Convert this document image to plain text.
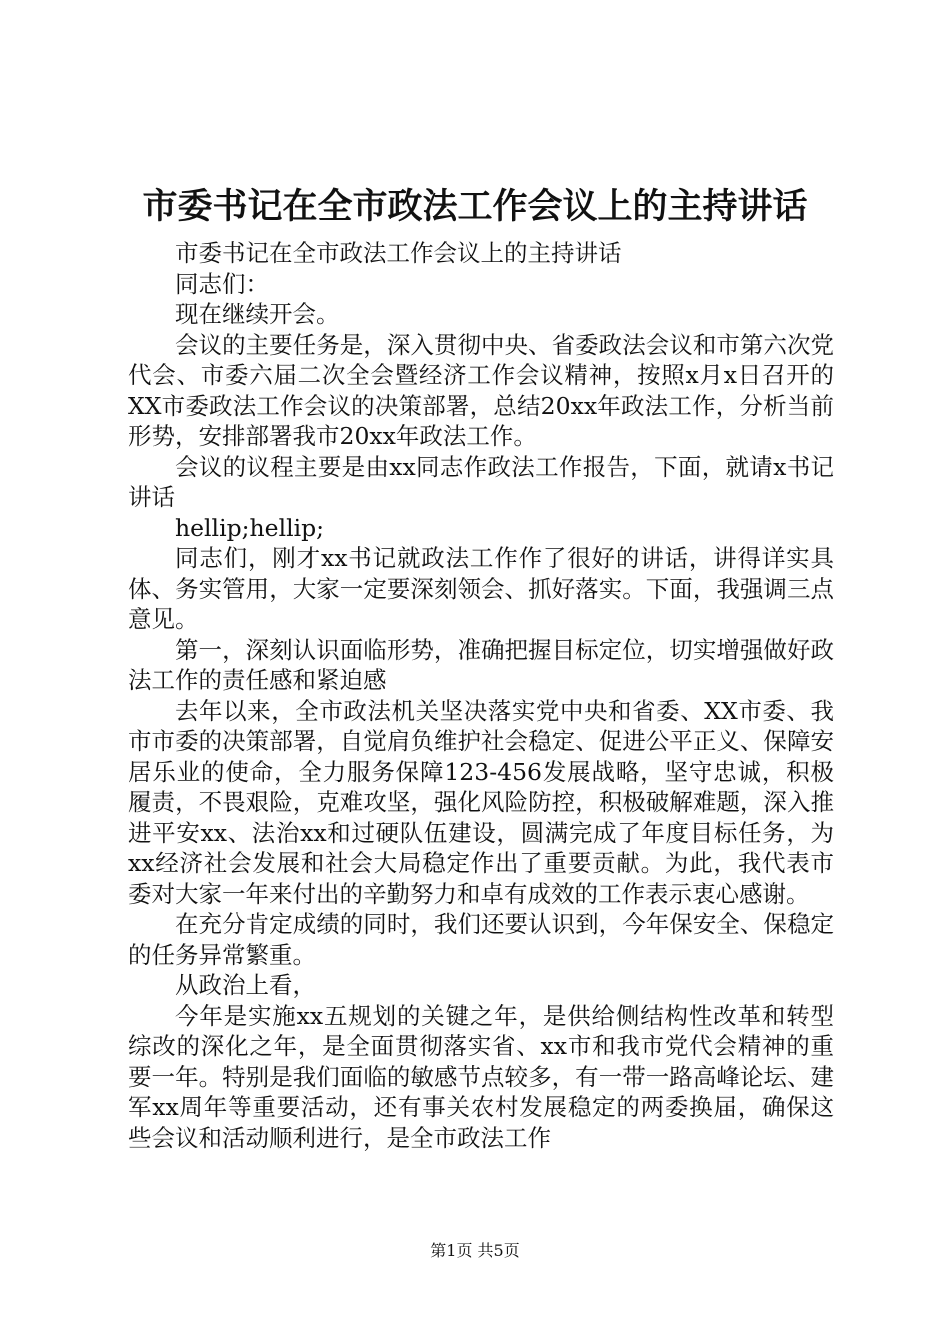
市委书记在全市政法工作会议上的主持讲话

市委书记在全市政法工作会议上的主持讲话

同志们：

现在继续开会。

会议的主要任务是，深入贯彻中央、省委政法会议和市第六次党代会、市委六届二次全会暨经济工作会议精神，按照x月x日召开的XX市委政法工作会议的决策部署，总结20xx年政法工作，分析当前形势，安排部署我市20xx年政法工作。

会议的议程主要是由xx同志作政法工作报告，下面，就请x书记讲话

hellip;hellip;

同志们，刚才xx书记就政法工作作了很好的讲话，讲得详实具体、务实管用，大家一定要深刻领会、抓好落实。下面，我强调三点意见。

第一，深刻认识面临形势，准确把握目标定位，切实增强做好政法工作的责任感和紧迫感

去年以来，全市政法机关坚决落实党中央和省委、XX市委、我市市委的决策部署，自觉肩负维护社会稳定、促进公平正义、保障安居乐业的使命，全力服务保障123-456发展战略，坚守忠诚，积极履责，不畏艰险，克难攻坚，强化风险防控，积极破解难题，深入推进平安xx、法治xx和过硬队伍建设，圆满完成了年度目标任务，为xx经济社会发展和社会大局稳定作出了重要贡献。为此，我代表市委对大家一年来付出的辛勤努力和卓有成效的工作表示衷心感谢。

在充分肯定成绩的同时，我们还要认识到，今年保安全、保稳定的任务异常繁重。

从政治上看，

今年是实施xx五规划的关键之年，是供给侧结构性改革和转型综改的深化之年，是全面贯彻落实省、xx市和我市党代会精神的重要一年。特别是我们面临的敏感节点较多，有一带一路高峰论坛、建军xx周年等重要活动，还有事关农村发展稳定的两委换届，确保这些会议和活动顺利进行，是全市政法工作

第1页 共5页
